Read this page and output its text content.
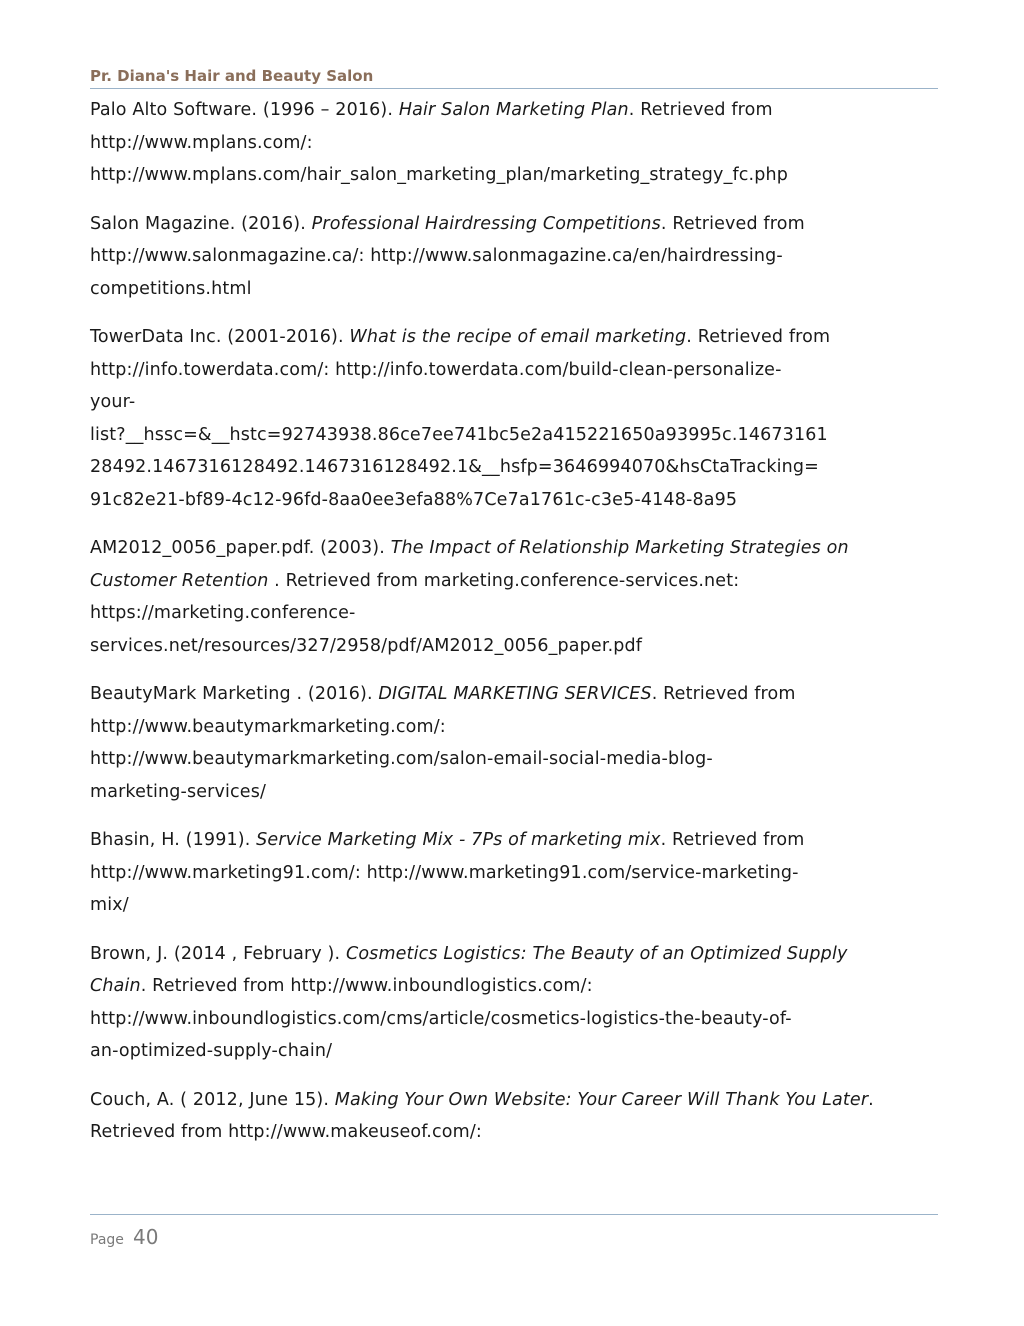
Pr. Diana's Hair and Beauty Salon
Palo Alto Software. (1996 – 2016). Hair Salon Marketing Plan. Retrieved from
http://www.mplans.com/:
http://www.mplans.com/hair_salon_marketing_plan/marketing_strategy_fc.php
Salon Magazine. (2016). Professional Hairdressing Competitions. Retrieved from
http://www.salonmagazine.ca/: http://www.salonmagazine.ca/en/hairdressing-
competitions.html
TowerData Inc. (2001-2016). What is the recipe of email marketing. Retrieved from
http://info.towerdata.com/: http://info.towerdata.com/build-clean-personalize-
your-
list?__hssc=&__hstc=92743938.86ce7ee741bc5e2a415221650a93995c.14673161
28492.1467316128492.1467316128492.1&__hsfp=3646994070&hsCtaTracking=
91c82e21-bf89-4c12-96fd-8aa0ee3efa88%7Ce7a1761c-c3e5-4148-8a95
AM2012_0056_paper.pdf. (2003). The Impact of Relationship Marketing Strategies on
Customer Retention . Retrieved from marketing.conference-services.net:
https://marketing.conference-
services.net/resources/327/2958/pdf/AM2012_0056_paper.pdf
BeautyMark Marketing . (2016). DIGITAL MARKETING SERVICES. Retrieved from
http://www.beautymarkmarketing.com/:
http://www.beautymarkmarketing.com/salon-email-social-media-blog-
marketing-services/
Bhasin, H. (1991). Service Marketing Mix - 7Ps of marketing mix. Retrieved from
http://www.marketing91.com/: http://www.marketing91.com/service-marketing-
mix/
Brown, J. (2014 , February ). Cosmetics Logistics: The Beauty of an Optimized Supply
Chain. Retrieved from http://www.inboundlogistics.com/:
http://www.inboundlogistics.com/cms/article/cosmetics-logistics-the-beauty-of-
an-optimized-supply-chain/
Couch, A. ( 2012, June 15). Making Your Own Website: Your Career Will Thank You Later.
Retrieved from http://www.makeuseof.com/:
Page 40
